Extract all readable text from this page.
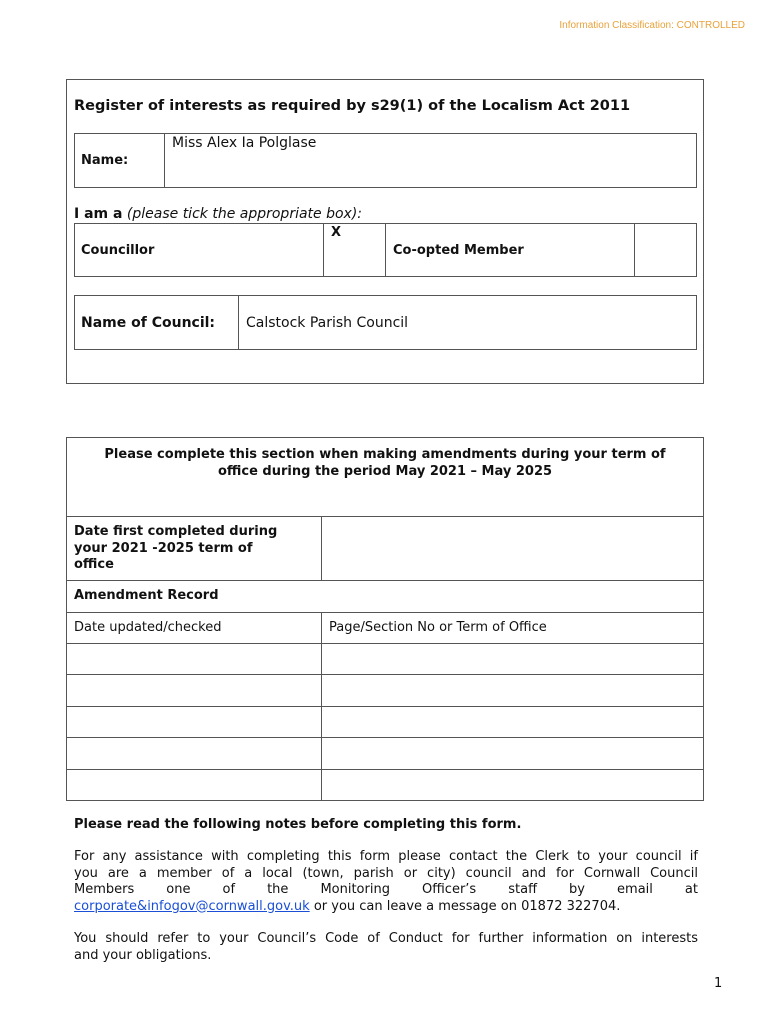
Information Classification: CONTROLLED
Register of interests as required by s29(1) of the Localism Act 2011
Name:
Miss Alex Ia Polglase
I am a (please tick the appropriate box):
Councillor
X
Co-opted Member
Name of Council: Calstock Parish Council
Please complete this section when making amendments during your term of
office during the period May 2021 – May 2025
Date first completed during
your 2021 -2025 term of
office
Amendment Record
Date updated/checked	Page/Section No or Term of Office
Please read the following notes before completing this form.
For any assistance with completing this form please contact the Clerk to your council if
you are a member of a local (town, parish or city) council and for Cornwall Council
Members one of the Monitoring Officer’s staff by email at
corporate&infogov@cornwall.gov.uk or you can leave a message on 01872 322704.
You should refer to your Council’s Code of Conduct for further information on interests
and your obligations.
1
